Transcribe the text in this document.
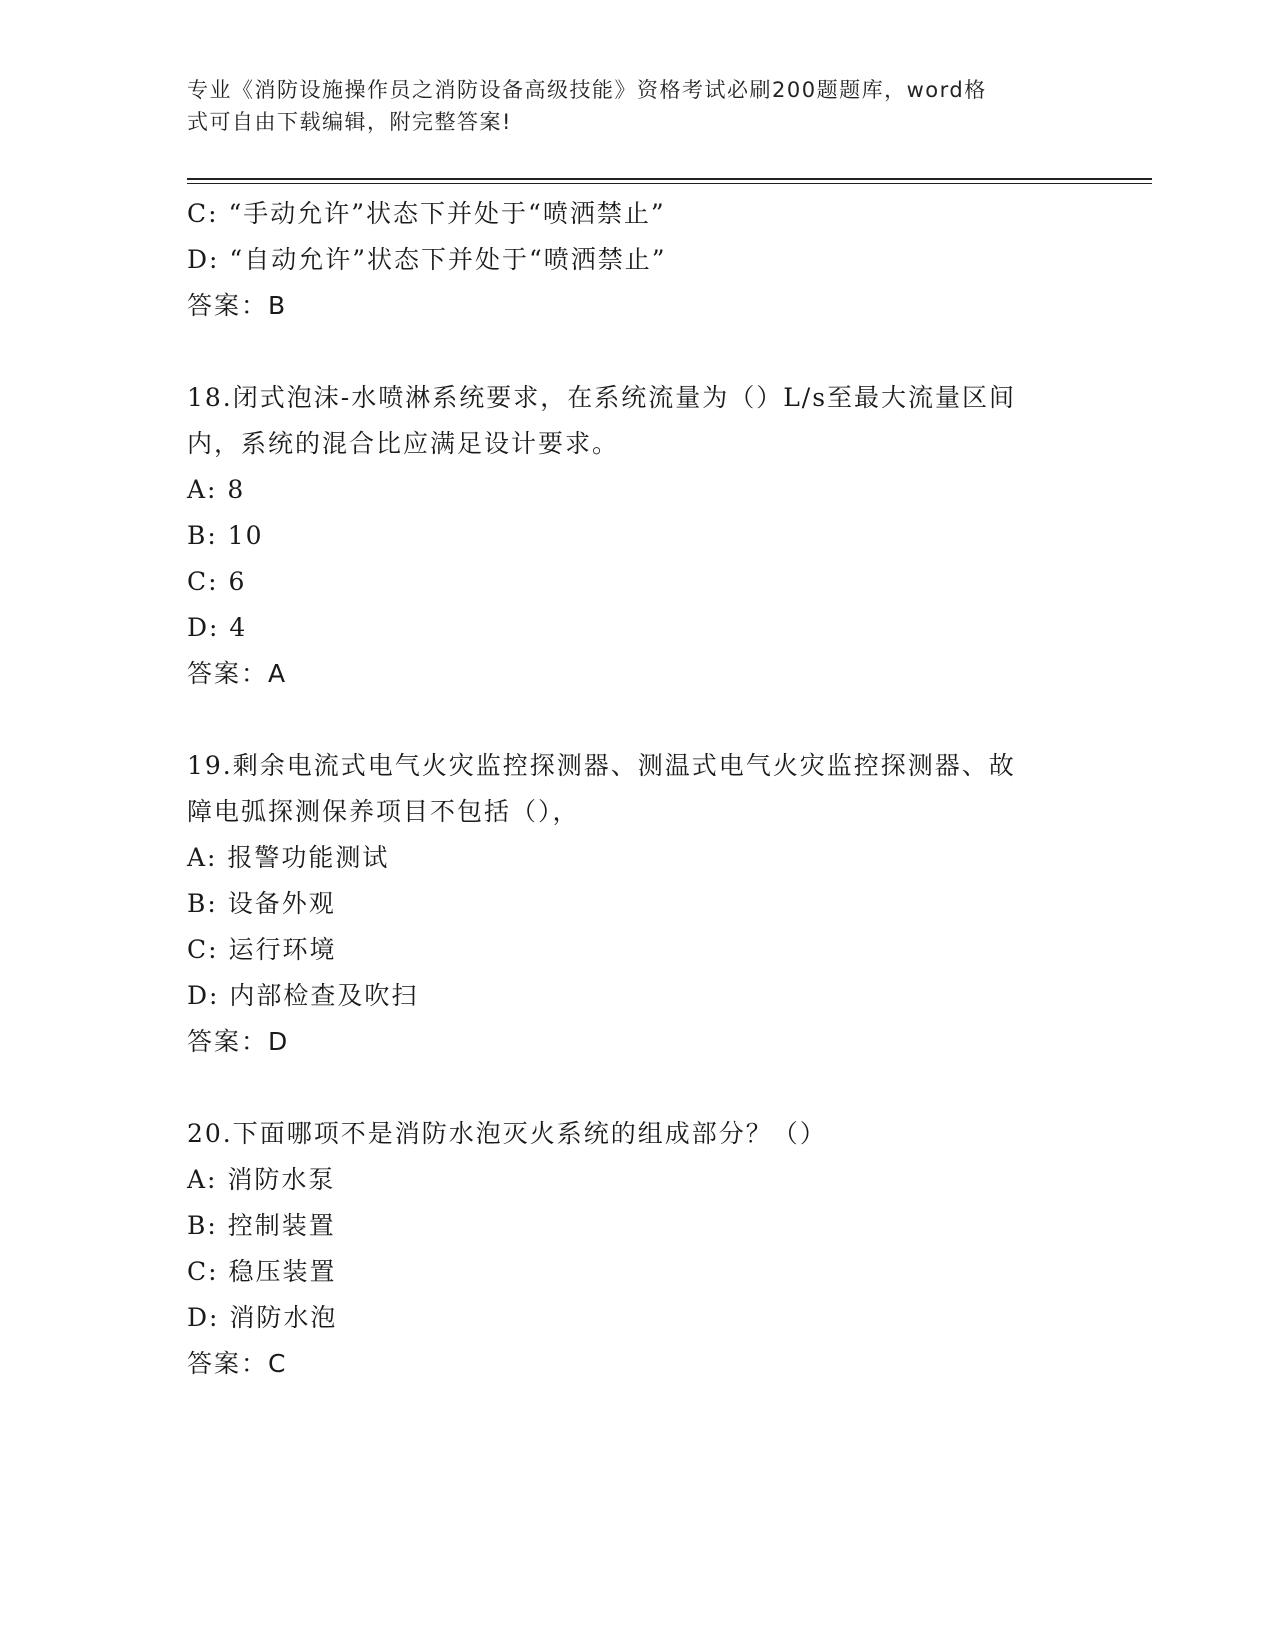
专业《消防设施操作员之消防设备高级技能》资格考试必刷200题题库，word格
式可自由下载编辑，附完整答案!
C: “手动允许”状态下并处于“喷洒禁止”
D: “自动允许”状态下并处于“喷洒禁止”
答案：B
18.闭式泡沫-水喷淋系统要求，在系统流量为（）L/s至最大流量区间
内，系统的混合比应满足设计要求。
A: 8
B: 10
C: 6
D: 4
答案：A
19.剩余电流式电气火灾监控探测器、测温式电气火灾监控探测器、故
障电弧探测保养项目不包括（），
A: 报警功能测试
B: 设备外观
C: 运行环境
D: 内部检查及吹扫
答案：D
20.下面哪项不是消防水泡灭火系统的组成部分？（）
A: 消防水泵
B: 控制装置
C: 稳压装置
D: 消防水泡
答案：C
